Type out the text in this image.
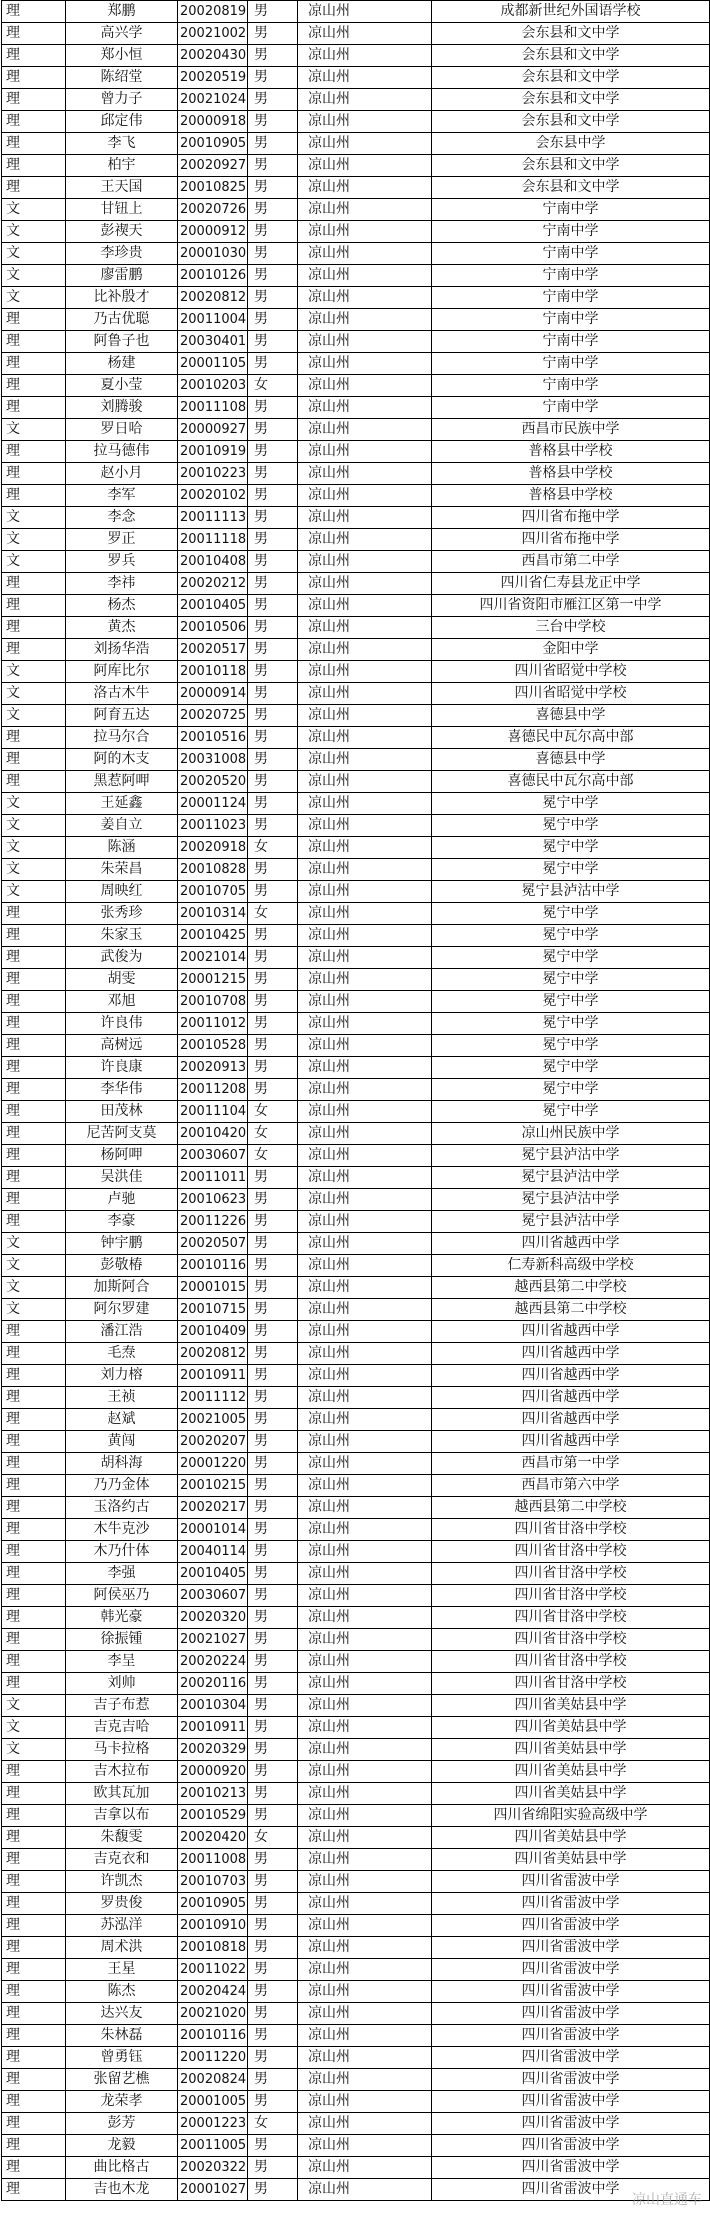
理	郑鹏	20020819	男	凉山州	成都新世纪外国语学校
理	高兴学	20021002	男	凉山州	会东县和文中学
理	郑小恒	20020430	男	凉山州	会东县和文中学
理	陈绍堂	20020519	男	凉山州	会东县和文中学
理	曾力子	20021024	男	凉山州	会东县和文中学
理	邱定伟	20000918	男	凉山州	会东县和文中学
理	李飞	20010905	男	凉山州	会东县中学
理	柏宇	20020927	男	凉山州	会东县和文中学
理	王天国	20010825	男	凉山州	会东县和文中学
文	甘钮上	20020726	男	凉山州	宁南中学
文	彭禊天	20000912	男	凉山州	宁南中学
文	李珍贵	20001030	男	凉山州	宁南中学
文	廖雷鹏	20010126	男	凉山州	宁南中学
文	比补殷才	20020812	男	凉山州	宁南中学
理	乃古优聪	20011004	男	凉山州	宁南中学
理	阿鲁子也	20030401	男	凉山州	宁南中学
理	杨建	20001105	男	凉山州	宁南中学
理	夏小莹	20010203	女	凉山州	宁南中学
理	刘腾骏	20011108	男	凉山州	宁南中学
文	罗日哈	20000927	男	凉山州	西昌市民族中学
理	拉马德伟	20010919	男	凉山州	普格县中学校
理	赵小月	20010223	男	凉山州	普格县中学校
理	李军	20020102	男	凉山州	普格县中学校
文	李念	20011113	男	凉山州	四川省布拖中学
文	罗正	20011118	男	凉山州	四川省布拖中学
文	罗兵	20010408	男	凉山州	西昌市第二中学
理	李祎	20020212	男	凉山州	四川省仁寿县龙正中学
理	杨杰	20010405	男	凉山州	四川省资阳市雁江区第一中学
理	黄杰	20010506	男	凉山州	三台中学校
理	刘扬华浩	20020517	男	凉山州	金阳中学
文	阿库比尔	20010118	男	凉山州	四川省昭觉中学校
文	洛古木牛	20000914	男	凉山州	四川省昭觉中学校
文	阿育五达	20020725	男	凉山州	喜德县中学
理	拉马尔合	20010516	男	凉山州	喜德民中瓦尔高中部
理	阿的木支	20031008	男	凉山州	喜德县中学
理	黑惹阿呷	20020520	男	凉山州	喜德民中瓦尔高中部
文	王延鑫	20001124	男	凉山州	冕宁中学
文	姜自立	20011023	男	凉山州	冕宁中学
文	陈涵	20020918	女	凉山州	冕宁中学
文	朱荣昌	20010828	男	凉山州	冕宁中学
文	周映红	20010705	男	凉山州	冕宁县泸沽中学
理	张秀珍	20010314	女	凉山州	冕宁中学
理	朱家玉	20010425	男	凉山州	冕宁中学
理	武俊为	20021014	男	凉山州	冕宁中学
理	胡雯	20001215	男	凉山州	冕宁中学
理	邓旭	20010708	男	凉山州	冕宁中学
理	许良伟	20011012	男	凉山州	冕宁中学
理	高树远	20010528	男	凉山州	冕宁中学
理	许良康	20020913	男	凉山州	冕宁中学
理	李华伟	20011208	男	凉山州	冕宁中学
理	田茂林	20011104	女	凉山州	冕宁中学
理	尼苦阿支莫	20010420	女	凉山州	凉山州民族中学
理	杨阿呷	20030607	女	凉山州	冕宁县泸沽中学
理	吴洪佳	20011011	男	凉山州	冕宁县泸沽中学
理	卢驰	20010623	男	凉山州	冕宁县泸沽中学
理	李豪	20011226	男	凉山州	冕宁县泸沽中学
文	钟宇鹏	20020507	男	凉山州	四川省越西中学
文	彭敬椿	20010116	男	凉山州	仁寿新科高级中学校
文	加斯阿合	20001015	男	凉山州	越西县第二中学校
文	阿尔罗建	20010715	男	凉山州	越西县第二中学校
理	潘江浩	20010409	男	凉山州	四川省越西中学
理	毛焘	20020812	男	凉山州	四川省越西中学
理	刘力榕	20010911	男	凉山州	四川省越西中学
理	王祯	20011112	男	凉山州	四川省越西中学
理	赵斌	20021005	男	凉山州	四川省越西中学
理	黄闯	20020207	男	凉山州	四川省越西中学
理	胡科海	20001220	男	凉山州	西昌市第一中学
理	乃乃金体	20010215	男	凉山州	西昌市第六中学
理	玉洛约古	20020217	男	凉山州	越西县第二中学校
理	木牛克沙	20001014	男	凉山州	四川省甘洛中学校
理	木乃什体	20040114	男	凉山州	四川省甘洛中学校
理	李强	20010405	男	凉山州	四川省甘洛中学校
理	阿侯巫乃	20030607	男	凉山州	四川省甘洛中学校
理	韩光豪	20020320	男	凉山州	四川省甘洛中学校
理	徐振锺	20021027	男	凉山州	四川省甘洛中学校
理	李呈	20020224	男	凉山州	四川省甘洛中学校
理	刘帅	20020116	男	凉山州	四川省甘洛中学校
文	吉子布惹	20010304	男	凉山州	四川省美姑县中学
文	吉克吉哈	20010911	男	凉山州	四川省美姑县中学
文	马卡拉格	20020329	男	凉山州	四川省美姑县中学
理	吉木拉布	20000920	男	凉山州	四川省美姑县中学
理	欧其瓦加	20010213	男	凉山州	四川省美姑县中学
理	吉拿以布	20010529	男	凉山州	四川省绵阳实验高级中学
理	朱馥雯	20020420	女	凉山州	四川省美姑县中学
理	吉克衣和	20011008	男	凉山州	四川省美姑县中学
理	许凯杰	20010703	男	凉山州	四川省雷波中学
理	罗贵俊	20010905	男	凉山州	四川省雷波中学
理	苏泓洋	20010910	男	凉山州	四川省雷波中学
理	周术洪	20010818	男	凉山州	四川省雷波中学
理	王星	20011022	男	凉山州	四川省雷波中学
理	陈杰	20020424	男	凉山州	四川省雷波中学
理	达兴友	20021020	男	凉山州	四川省雷波中学
理	朱林磊	20010116	男	凉山州	四川省雷波中学
理	曾勇钰	20011220	男	凉山州	四川省雷波中学
理	张留艺樵	20020824	男	凉山州	四川省雷波中学
理	龙荣孝	20001005	男	凉山州	四川省雷波中学
理	彭芳	20001223	女	凉山州	四川省雷波中学
理	龙毅	20011005	男	凉山州	四川省雷波中学
理	曲比格古	20020322	男	凉山州	四川省雷波中学
理	吉也木龙	20001027	男	凉山州	四川省雷波中学
凉山直通车
